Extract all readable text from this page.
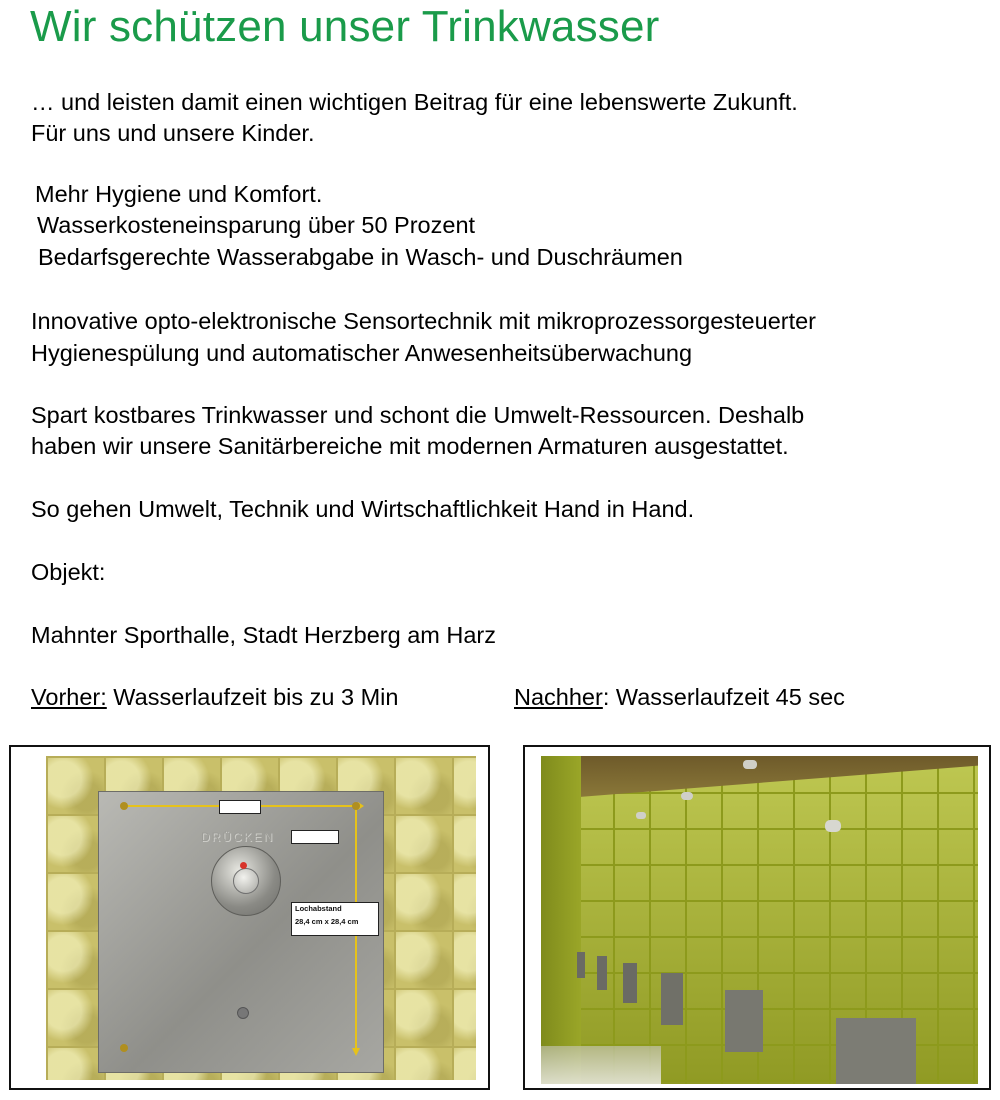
Wir schützen unser Trinkwasser

… und leisten damit einen wichtigen Beitrag für eine lebenswerte Zukunft.

Für uns und unsere Kinder.

Mehr Hygiene und Komfort.

Wasserkosteneinsparung über 50 Prozent

Bedarfsgerechte Wasserabgabe in Wasch- und Duschräumen

Innovative opto-elektronische Sensortechnik mit mikroprozessorgesteuerter

Hygienespülung und automatischer Anwesenheitsüberwachung

Spart kostbares Trinkwasser und schont die Umwelt-Ressourcen. Deshalb

haben wir unsere Sanitärbereiche mit modernen Armaturen ausgestattet.

So gehen Umwelt, Technik und Wirtschaftlichkeit Hand in Hand.

Objekt:

Mahnter Sporthalle, Stadt Herzberg am Harz

Vorher: Wasserlaufzeit bis zu 3 Min	Nachher: Wasserlaufzeit 45 sec

DRÜCKEN
Lochabstand
28,4 cm x 28,4 cm
